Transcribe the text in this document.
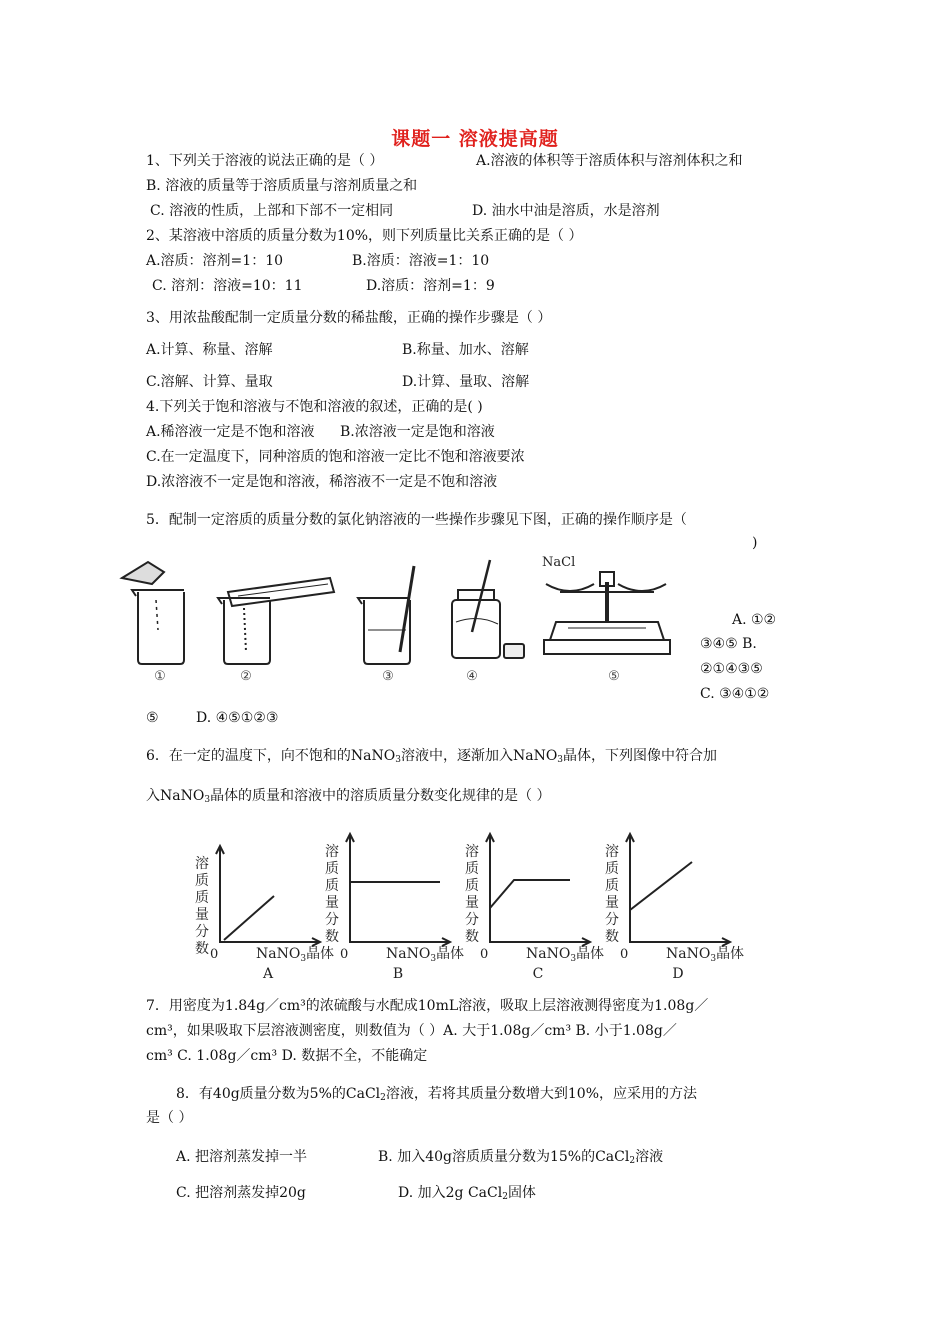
课题一 溶液提高题
1、下列关于溶液的说法正确的是（ ）	A.溶液的体积等于溶质体积与溶剂体积之和
B. 溶液的质量等于溶质质量与溶剂质量之和
C. 溶液的性质，上部和下部不一定相同	D. 油水中油是溶质，水是溶剂
2、某溶液中溶质的质量分数为10%，则下列质量比关系正确的是（ ）
A.溶质：溶剂=1：10	B.溶质：溶液=1：10
C. 溶剂：溶液=10：11	D.溶质：溶剂=1：9
3、用浓盐酸配制一定质量分数的稀盐酸，正确的操作步骤是（ ）
A.计算、称量、溶解	B.称量、加水、溶解
C.溶解、计算、量取	D.计算、量取、溶解
4.下列关于饱和溶液与不饱和溶液的叙述，正确的是( )
A.稀溶液一定是不饱和溶液 B.浓溶液一定是饱和溶液
C.在一定温度下，同种溶质的饱和溶液一定比不饱和溶液要浓
D.浓溶液不一定是饱和溶液，稀溶液不一定是不饱和溶液
5．配制一定溶质的质量分数的氯化钠溶液的一些操作步骤见下图，正确的操作顺序是（
)
NaCl
①	②	③	④	⑤
A. ①②
③④⑤ B.
②①④③⑤
C. ③④①②
⑤	D. ④⑤①②③
6．在一定的温度下，向不饱和的NaNO$_3$溶液中，逐渐加入NaNO$_3$晶体，下列图像中符合加
入NaNO$_3$晶体的质量和溶液中的溶质质量分数变化规律的是（ ）
溶
质
质
量
分
数 0	NaNO$_3$晶体
A
溶
质
质
量
分
数
0	NaNO$_3$晶体
B
溶
质
质
量
分
数
0	NaNO$_3$晶体
C
溶
质
质
量
分
数
0	NaNO$_3$晶体
D
7．用密度为1.84g／cm³的浓硫酸与水配成10mL溶液，吸取上层溶液测得密度为1.08g／
cm³，如果吸取下层溶液测密度，则数值为（ ）A. 大于1.08g／cm³ B. 小于1.08g／
cm³ C. 1.08g／cm³ D. 数据不全，不能确定
8．有40g质量分数为5%的CaCl$_2$溶液，若将其质量分数增大到10%，应采用的方法
是（ ）
A. 把溶剂蒸发掉一半	B. 加入40g溶质质量分数为15%的CaCl$_2$溶液
C. 把溶剂蒸发掉20g	D. 加入2g CaCl$_2$固体
